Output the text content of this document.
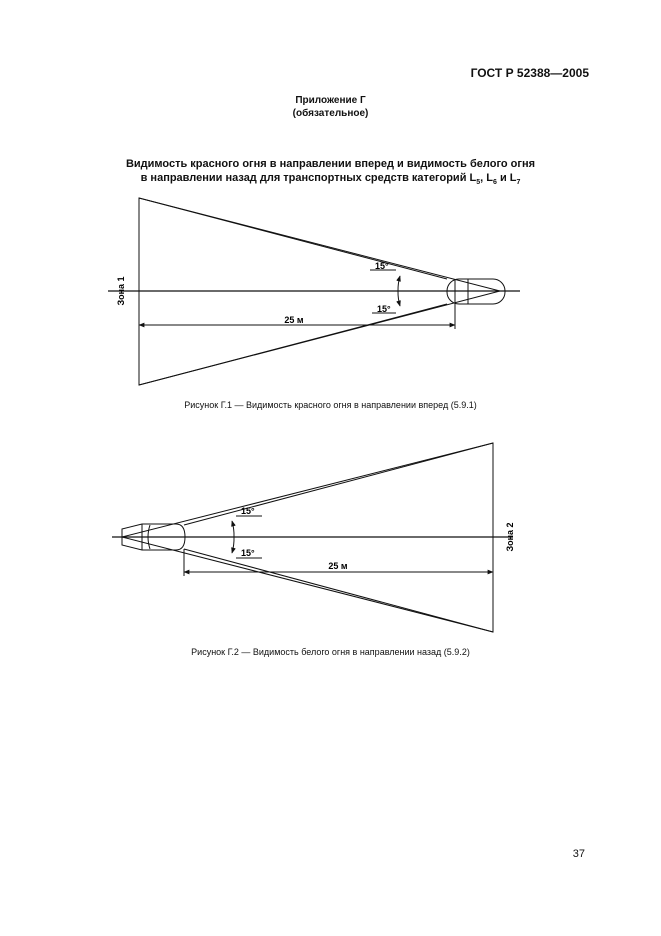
ГОСТ Р 52388—2005
Приложение Г
(обязательное)
Видимость красного огня в направлении вперед и видимость белого огня
в направлении назад для транспортных средств категорий $L_5$, $L_6$ и $L_7$
Зона 1
15°
15°
25 м
Рисунок Г.1 — Видимость красного огня в направлении вперед (5.9.1)
Зона 2
15°
15°
25 м
Рисунок Г.2 — Видимость белого огня в направлении назад (5.9.2)
37
